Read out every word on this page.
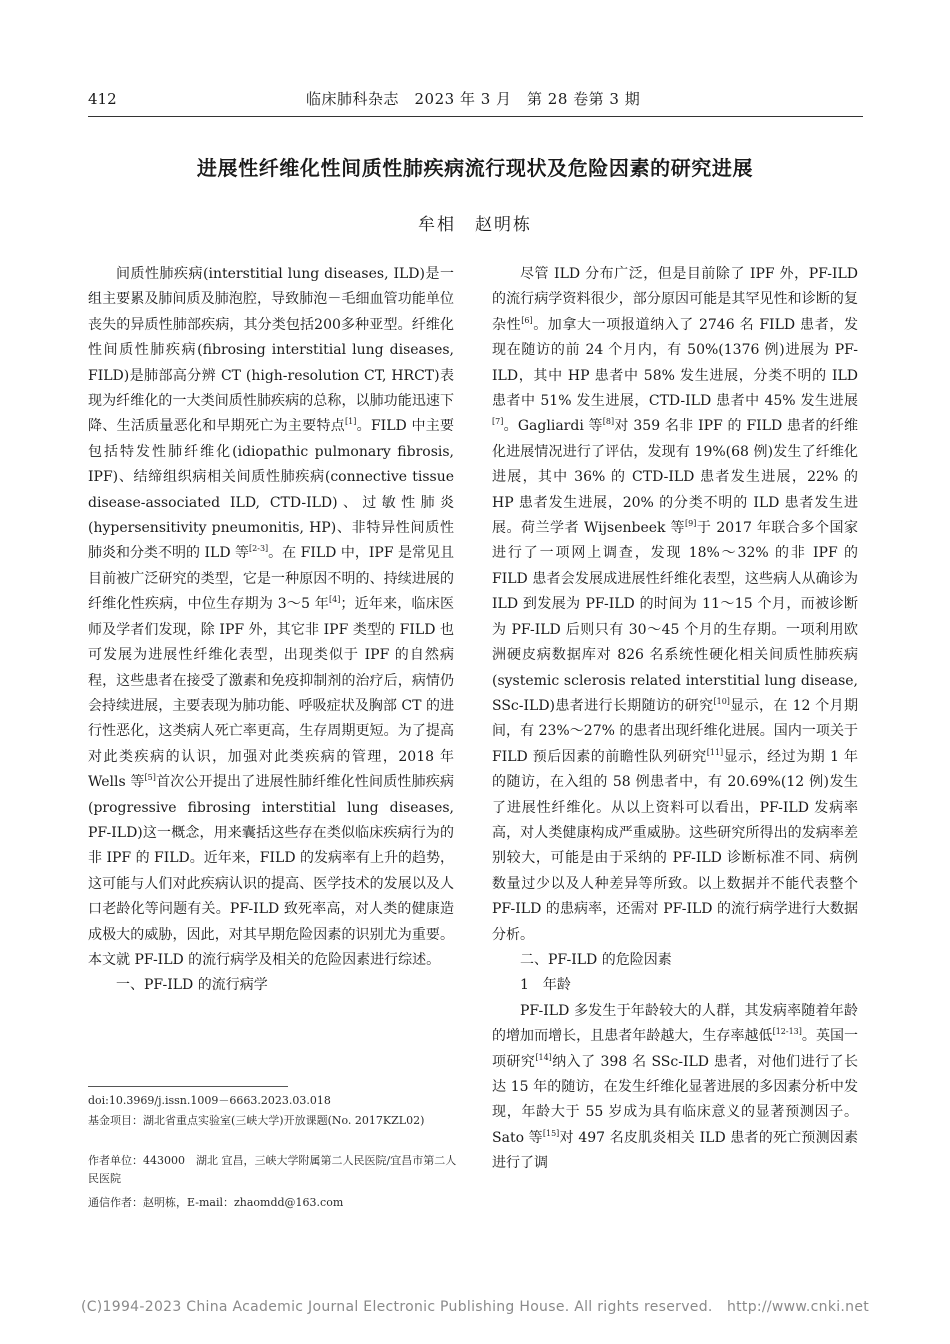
412	临床肺科杂志　2023 年 3 月　第 28 卷第 3 期
进展性纤维化性间质性肺疾病流行现状及危险因素的研究进展
牟相　赵明栋

间质性肺疾病(interstitial lung diseases, ILD)是一组主要累及肺间质及肺泡腔，导致肺泡－毛细血管功能单位丧失的异质性肺部疾病，其分类包括200多种亚型。纤维化性间质性肺疾病(fibrosing interstitial lung diseases, FILD)是肺部高分辨 CT (high-resolution CT, HRCT)表现为纤维化的一大类间质性肺疾病的总称，以肺功能迅速下降、生活质量恶化和早期死亡为主要特点[1]。FILD 中主要包括特发性肺纤维化(idiopathic pulmonary fibrosis, IPF)、结缔组织病相关间质性肺疾病(connective tissue disease-associated ILD, CTD-ILD)、过敏性肺炎(hypersensitivity pneumonitis, HP)、非特异性间质性肺炎和分类不明的 ILD 等[2-3]。在 FILD 中，IPF 是常见且目前被广泛研究的类型，它是一种原因不明的、持续进展的纤维化性疾病，中位生存期为 3～5 年[4]；近年来，临床医师及学者们发现，除 IPF 外，其它非 IPF 类型的 FILD 也可发展为进展性纤维化表型，出现类似于 IPF 的自然病程，这些患者在接受了激素和免疫抑制剂的治疗后，病情仍会持续进展，主要表现为肺功能、呼吸症状及胸部 CT 的进行性恶化，这类病人死亡率更高，生存周期更短。为了提高对此类疾病的认识，加强对此类疾病的管理，2018 年 Wells 等[5]首次公开提出了进展性肺纤维化性间质性肺疾病(progressive fibrosing interstitial lung diseases, PF-ILD)这一概念，用来囊括这些存在类似临床疾病行为的非 IPF 的 FILD。近年来，FILD 的发病率有上升的趋势，这可能与人们对此疾病认识的提高、医学技术的发展以及人口老龄化等问题有关。PF-ILD 致死率高，对人类的健康造成极大的威胁，因此，对其早期危险因素的识别尤为重要。本文就 PF-ILD 的流行病学及相关的危险因素进行综述。

一、PF-ILD 的流行病学
doi:10.3969/j.issn.1009－6663.2023.03.018
基金项目：湖北省重点实验室(三峡大学)开放课题(No. 2017KZL02)
作者单位：443000　湖北 宜昌，三峡大学附属第二人民医院/宜昌市第二人民医院
通信作者：赵明栋，E-mail：zhaomdd@163.com

尽管 ILD 分布广泛，但是目前除了 IPF 外，PF-ILD 的流行病学资料很少，部分原因可能是其罕见性和诊断的复杂性[6]。加拿大一项报道纳入了 2746 名 FILD 患者，发现在随访的前 24 个月内，有 50%(1376 例)进展为 PF-ILD，其中 HP 患者中 58% 发生进展，分类不明的 ILD 患者中 51% 发生进展，CTD-ILD 患者中 45% 发生进展[7]。Gagliardi 等[8]对 359 名非 IPF 的 FILD 患者的纤维化进展情况进行了评估，发现有 19%(68 例)发生了纤维化进展，其中 36% 的 CTD-ILD 患者发生进展，22% 的 HP 患者发生进展，20% 的分类不明的 ILD 患者发生进展。荷兰学者 Wijsenbeek 等[9]于 2017 年联合多个国家进行了一项网上调查，发现 18%～32% 的非 IPF 的 FILD 患者会发展成进展性纤维化表型，这些病人从确诊为 ILD 到发展为 PF-ILD 的时间为 11～15 个月，而被诊断为 PF-ILD 后则只有 30～45 个月的生存期。一项利用欧洲硬皮病数据库对 826 名系统性硬化相关间质性肺疾病(systemic sclerosis related interstitial lung disease, SSc-ILD)患者进行长期随访的研究[10]显示，在 12 个月期间，有 23%～27% 的患者出现纤维化进展。国内一项关于 FILD 预后因素的前瞻性队列研究[11]显示，经过为期 1 年的随访，在入组的 58 例患者中，有 20.69%(12 例)发生了进展性纤维化。从以上资料可以看出，PF-ILD 发病率高，对人类健康构成严重威胁。这些研究所得出的发病率差别较大，可能是由于采纳的 PF-ILD 诊断标准不同、病例数量过少以及人种差异等所致。以上数据并不能代表整个 PF-ILD 的患病率，还需对 PF-ILD 的流行病学进行大数据分析。

二、PF-ILD 的危险因素
1　年龄

PF-ILD 多发生于年龄较大的人群，其发病率随着年龄的增加而增长，且患者年龄越大，生存率越低[12-13]。英国一项研究[14]纳入了 398 名 SSc-ILD 患者，对他们进行了长达 15 年的随访，在发生纤维化显著进展的多因素分析中发现，年龄大于 55 岁成为具有临床意义的显著预测因子。Sato 等[15]对 497 名皮肌炎相关 ILD 患者的死亡预测因素进行了调

(C)1994-2023 China Academic Journal Electronic Publishing House. All rights reserved.　http://www.cnki.net
